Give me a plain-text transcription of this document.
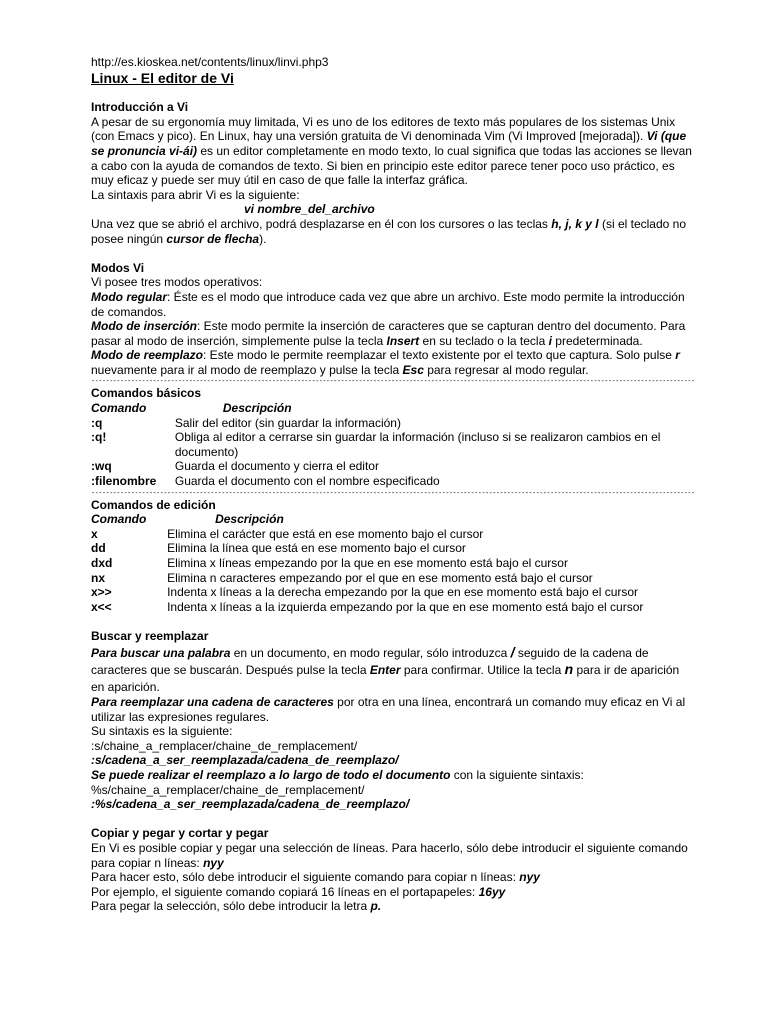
http://es.kioskea.net/contents/linux/linvi.php3

Linux - El editor de Vi

Introducción a Vi

A pesar de su ergonomía muy limitada, Vi es uno de los editores de texto más populares de los sistemas Unix (con Emacs y pico). En Linux, hay una versión gratuita de Vi denominada Vim (Vi Improved [mejorada]). Vi (que se pronuncia vi-ái) es un editor completamente en modo texto, lo cual significa que todas las acciones se llevan a cabo con la ayuda de comandos de texto. Si bien en principio este editor parece tener poco uso práctico, es muy eficaz y puede ser muy útil en caso de que falle la interfaz gráfica.

La sintaxis para abrir Vi es la siguiente:

vi nombre_del_archivo

Una vez que se abrió el archivo, podrá desplazarse en él con los cursores o las teclas h, j, k y l (si el teclado no posee ningún cursor de flecha).

Modos Vi

Vi posee tres modos operativos:

Modo regular: Éste es el modo que introduce cada vez que abre un archivo. Este modo permite la introducción de comandos.

Modo de inserción: Este modo permite la inserción de caracteres que se capturan dentro del documento. Para pasar al modo de inserción, simplemente pulse la tecla Insert en su teclado o la tecla i predeterminada.

Modo de reemplazo: Este modo le permite reemplazar el texto existente por el texto que captura. Solo pulse r nuevamente para ir al modo de reemplazo y pulse la tecla Esc para regresar al modo regular.

-----------------------------------------------------------------------------------------------------------------------------------------------------------------------

Comandos básicos

Comando	Descripción
:q	Salir del editor (sin guardar la información)
:q!	Obliga al editor a cerrarse sin guardar la información (incluso si se realizaron cambios en el documento)
:wq	Guarda el documento y cierra el editor
:filenombre	Guarda el documento con el nombre especificado
-----------------------------------------------------------------------------------------------------------------------------------------------------------------------

Comandos de edición

Comando	Descripción
x	Elimina el carácter que está en ese momento bajo el cursor
dd	Elimina la línea que está en ese momento bajo el cursor
dxd	Elimina x líneas empezando por la que en ese momento está bajo el cursor
nx	Elimina n caracteres empezando por el que en ese momento está bajo el cursor
x>>	Indenta x líneas a la derecha empezando por la que en ese momento está bajo el cursor
x<<	Indenta x líneas a la izquierda empezando por la que en ese momento está bajo el cursor

Buscar y reemplazar

Para buscar una palabra en un documento, en modo regular, sólo introduzca / seguido de la cadena de caracteres que se buscarán. Después pulse la tecla Enter para confirmar. Utilice la tecla n para ir de aparición en aparición.

Para reemplazar una cadena de caracteres por otra en una línea, encontrará un comando muy eficaz en Vi al utilizar las expresiones regulares.

Su sintaxis es la siguiente:

:s/chaine_a_remplacer/chaine_de_remplacement/

:s/cadena_a_ser_reemplazada/cadena_de_reemplazo/

Se puede realizar el reemplazo a lo largo de todo el documento con la siguiente sintaxis:

%s/chaine_a_remplacer/chaine_de_remplacement/

:%s/cadena_a_ser_reemplazada/cadena_de_reemplazo/

Copiar y pegar y cortar y pegar

En Vi es posible copiar y pegar una selección de líneas. Para hacerlo, sólo debe introducir el siguiente comando para copiar n líneas: nyy

Para hacer esto, sólo debe introducir el siguiente comando para copiar n líneas: nyy

Por ejemplo, el siguiente comando copiará 16 líneas en el portapapeles: 16yy

Para pegar la selección, sólo debe introducir la letra p.
